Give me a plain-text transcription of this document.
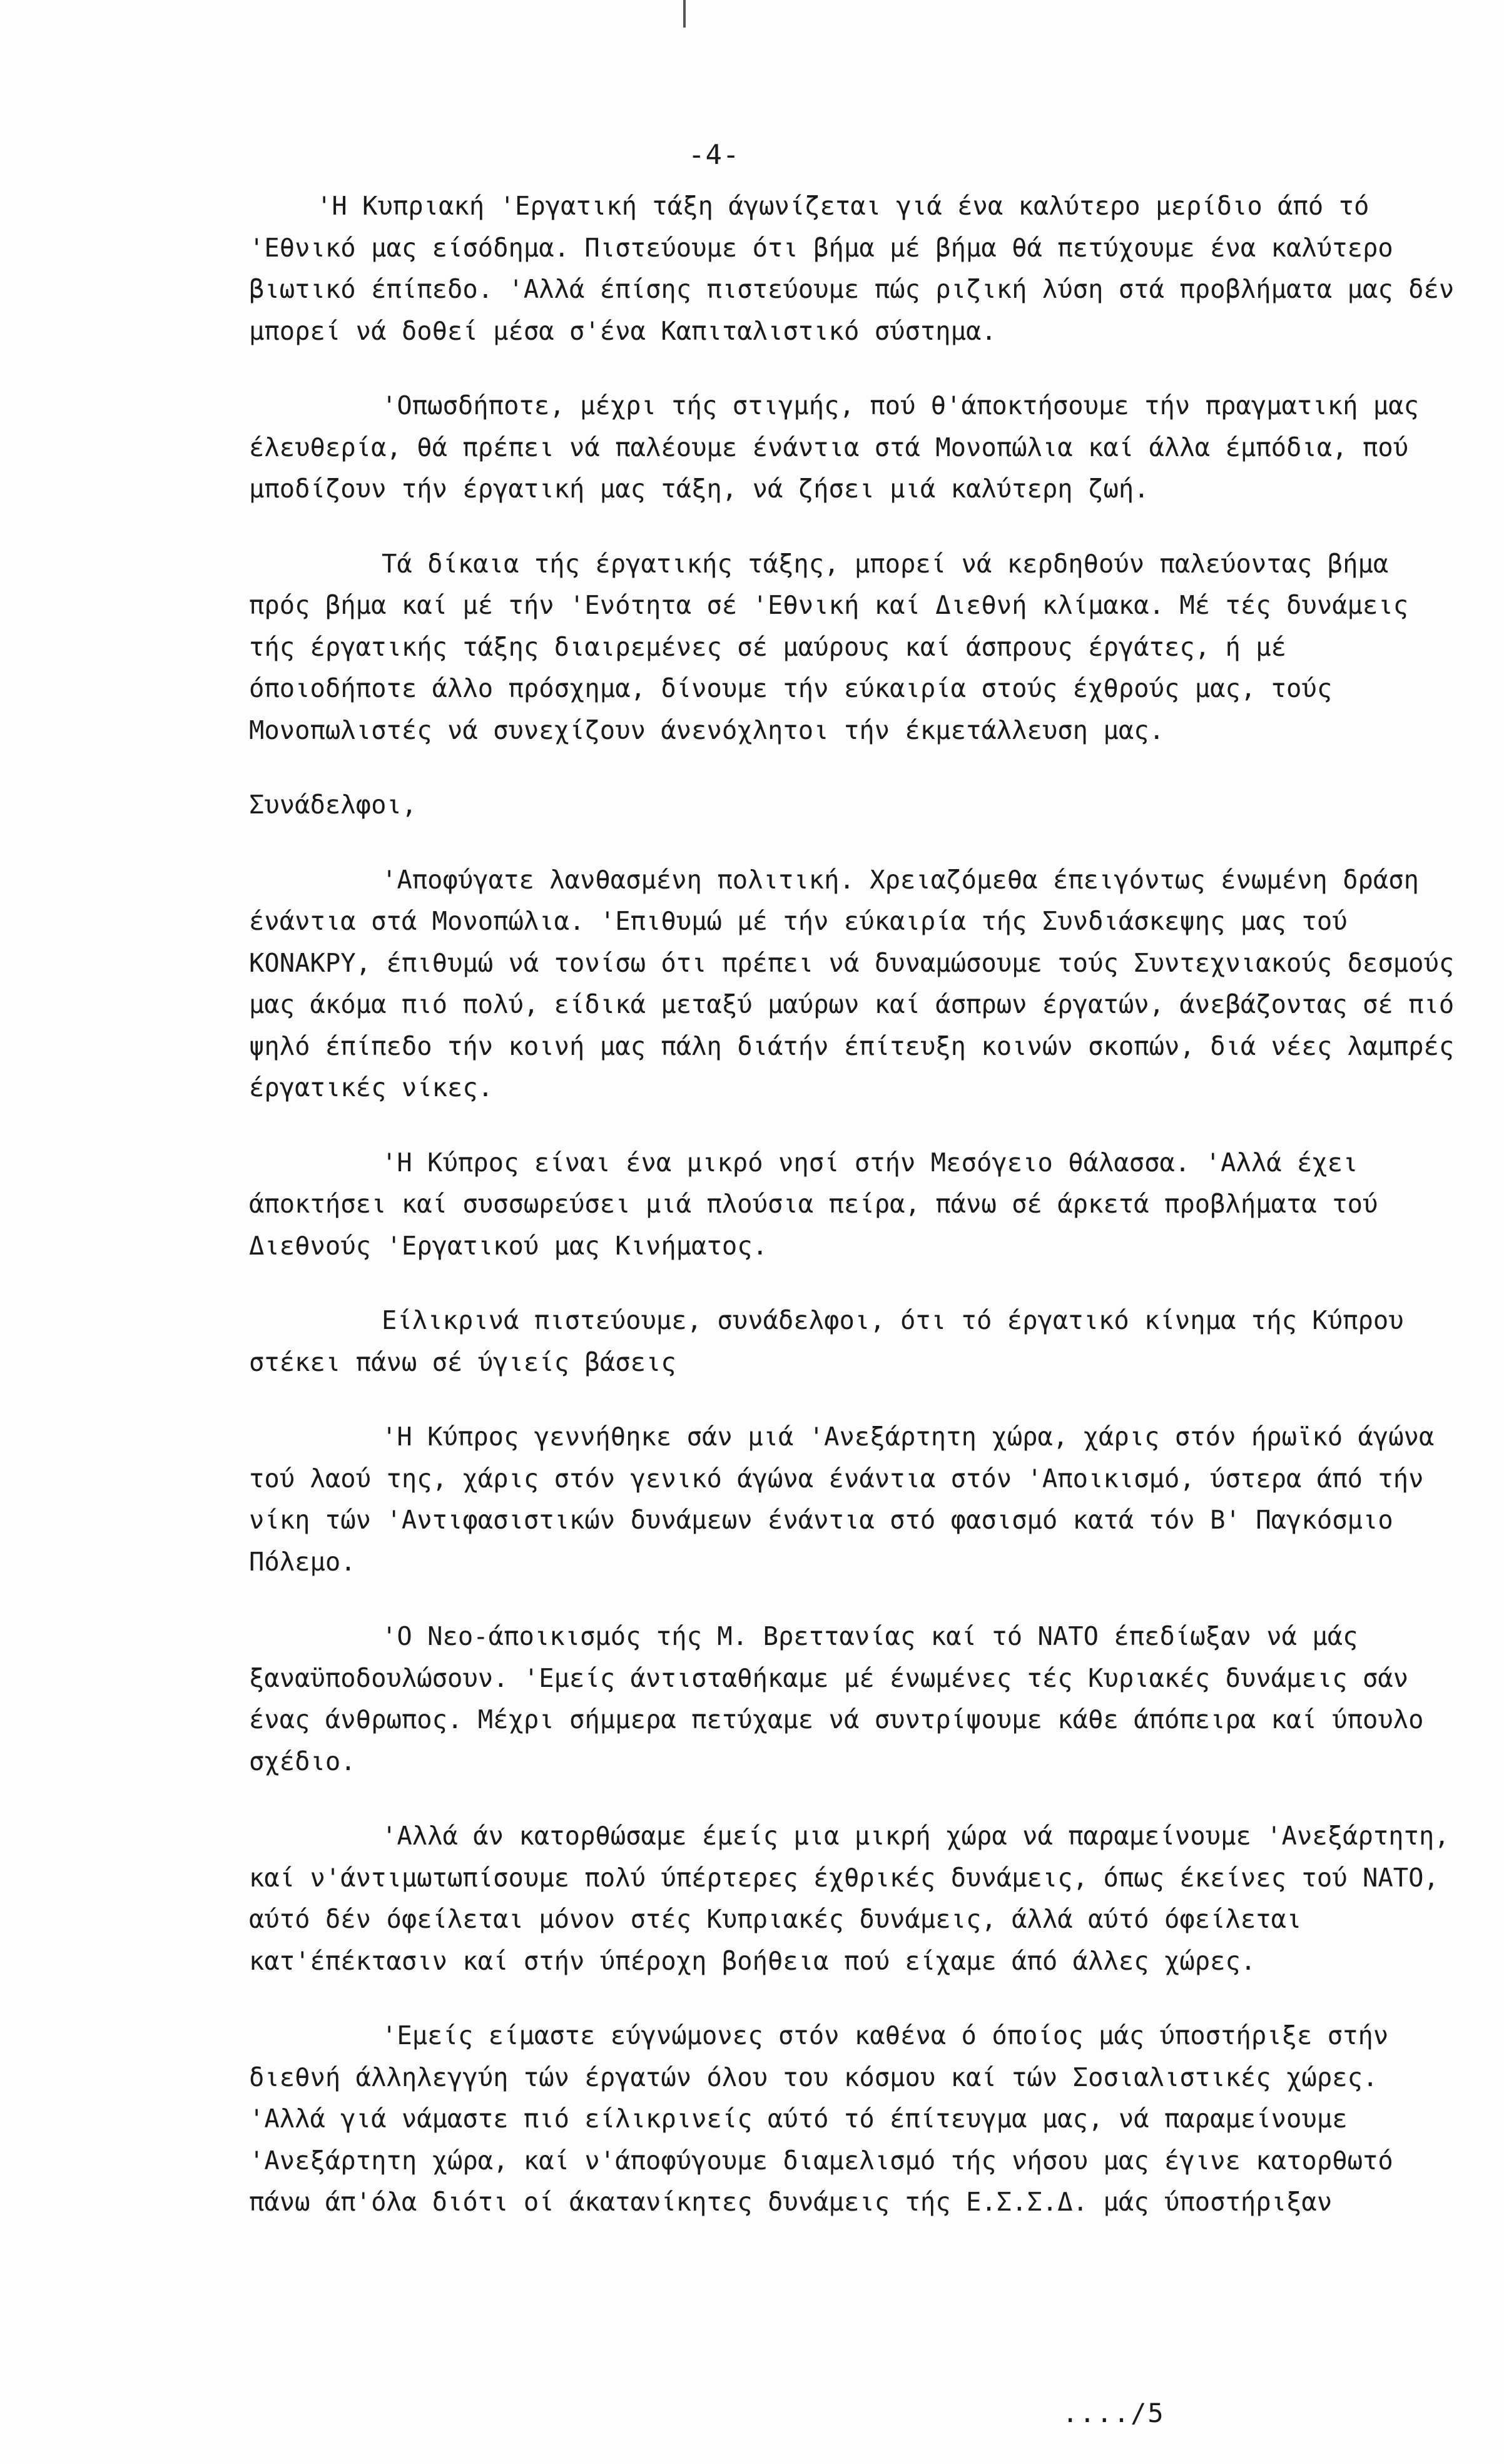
-4-

'Η Κυπριακή 'Εργατική τάξη άγωνίζεται γιά ένα καλύτερο μερίδιο άπό τό 'Εθνικό μας είσόδημα. Πιστεύουμε ότι βήμα μέ βήμα θά πετύχουμε ένα καλύτερο βιωτικό έπίπεδο. 'Αλλά έπίσης πιστεύουμε πώς ριζική λύση στά προβλήματα μας δέν μπορεί νά δοθεί μέσα σ'ένα Καπιταλιστικό σύστημα.

'Οπωσδήποτε, μέχρι τής στιγμής, πού θ'άποκτήσουμε τήν πραγματική μας έλευθερία, θά πρέπει νά παλέουμε ένάντια στά Μονοπώλια καί άλλα έμπόδια, πού μποδίζουν τήν έργατική μας τάξη, νά ζήσει μιά καλύτερη ζωή.

Τά δίκαια τής έργατικής τάξης, μπορεί νά κερδηθούν παλεύοντας βήμα πρός βήμα καί μέ τήν 'Ενότητα σέ 'Εθνική καί Διεθνή κλίμακα. Μέ τές δυνάμεις τής έργατικής τάξης διαιρεμένες σέ μαύρους καί άσπρους έργάτες, ή μέ όποιοδήποτε άλλο πρόσχημα, δίνουμε τήν εύκαιρία στούς έχθρούς μας, τούς Μονοπωλιστές νά συνεχίζουν άνενόχλητοι τήν έκμετάλλευση μας.

Συνάδελφοι,

'Αποφύγατε λανθασμένη πολιτική. Χρειαζόμεθα έπειγόντως ένωμένη δράση ένάντια στά Μονοπώλια. 'Επιθυμώ μέ τήν εύκαιρία τής Συνδιάσκεψης μας τού ΚΟΝΑΚΡΥ, έπιθυμώ νά τονίσω ότι πρέπει νά δυναμώσουμε τούς Συντεχνιακούς δεσμούς μας άκόμα πιό πολύ, είδικά μεταξύ μαύρων καί άσπρων έργατών, άνεβάζοντας σέ πιό ψηλό έπίπεδο τήν κοινή μας πάλη διάτήν έπίτευξη κοινών σκοπών, διά νέες λαμπρές έργατικές νίκες.

'Η Κύπρος είναι ένα μικρό νησί στήν Μεσόγειο θάλασσα. 'Αλλά έχει άποκτήσει καί συσσωρεύσει μιά πλούσια πείρα, πάνω σέ άρκετά προβλήματα τού Διεθνούς 'Εργατικού μας Κινήματος.

Είλικρινά πιστεύουμε, συνάδελφοι, ότι τό έργατικό κίνημα τής Κύπρου στέκει πάνω σέ ύγιείς βάσεις

'Η Κύπρος γεννήθηκε σάν μιά 'Ανεξάρτητη χώρα, χάρις στόν ήρωϊκό άγώνα τού λαού της, χάρις στόν γενικό άγώνα ένάντια στόν 'Αποικισμό, ύστερα άπό τήν νίκη τών 'Αντιφασιστικών δυνάμεων ένάντια στό φασισμό κατά τόν Β' Παγκόσμιο Πόλεμο.

'Ο Νεο-άποικισμός τής Μ. Βρεττανίας καί τό ΝΑΤΟ έπεδίωξαν νά μάς ξαναϋποδουλώσουν. 'Εμείς άντισταθήκαμε μέ ένωμένες τές Κυριακές δυνάμεις σάν ένας άνθρωπος. Μέχρι σήμμερα πετύχαμε νά συντρίψουμε κάθε άπόπειρα καί ύπουλο σχέδιο.

'Αλλά άν κατορθώσαμε έμείς μια μικρή χώρα νά παραμείνουμε 'Ανεξάρτητη, καί ν'άντιμωτωπίσουμε πολύ ύπέρτερες έχθρικές δυνάμεις, όπως έκείνες τού ΝΑΤΟ, αύτό δέν όφείλεται μόνον στές Κυπριακές δυνάμεις, άλλά αύτό όφείλεται κατ'έπέκτασιν καί στήν ύπέροχη βοήθεια πού είχαμε άπό άλλες χώρες.

'Εμείς είμαστε εύγνώμονες στόν καθένα ό όποίος μάς ύποστήριξε στήν διεθνή άλληλεγγύη τών έργατών όλου του κόσμου καί τών Σοσιαλιστικές χώρες. 'Αλλά γιά νάμαστε πιό είλικρινείς αύτό τό έπίτευγμα μας, νά παραμείνουμε 'Ανεξάρτητη χώρα, καί ν'άποφύγουμε διαμελισμό τής νήσου μας έγινε κατορθωτό πάνω άπ'όλα διότι οί άκατανίκητες δυνάμεις τής Ε.Σ.Σ.Δ. μάς ύποστήριξαν

..../5
